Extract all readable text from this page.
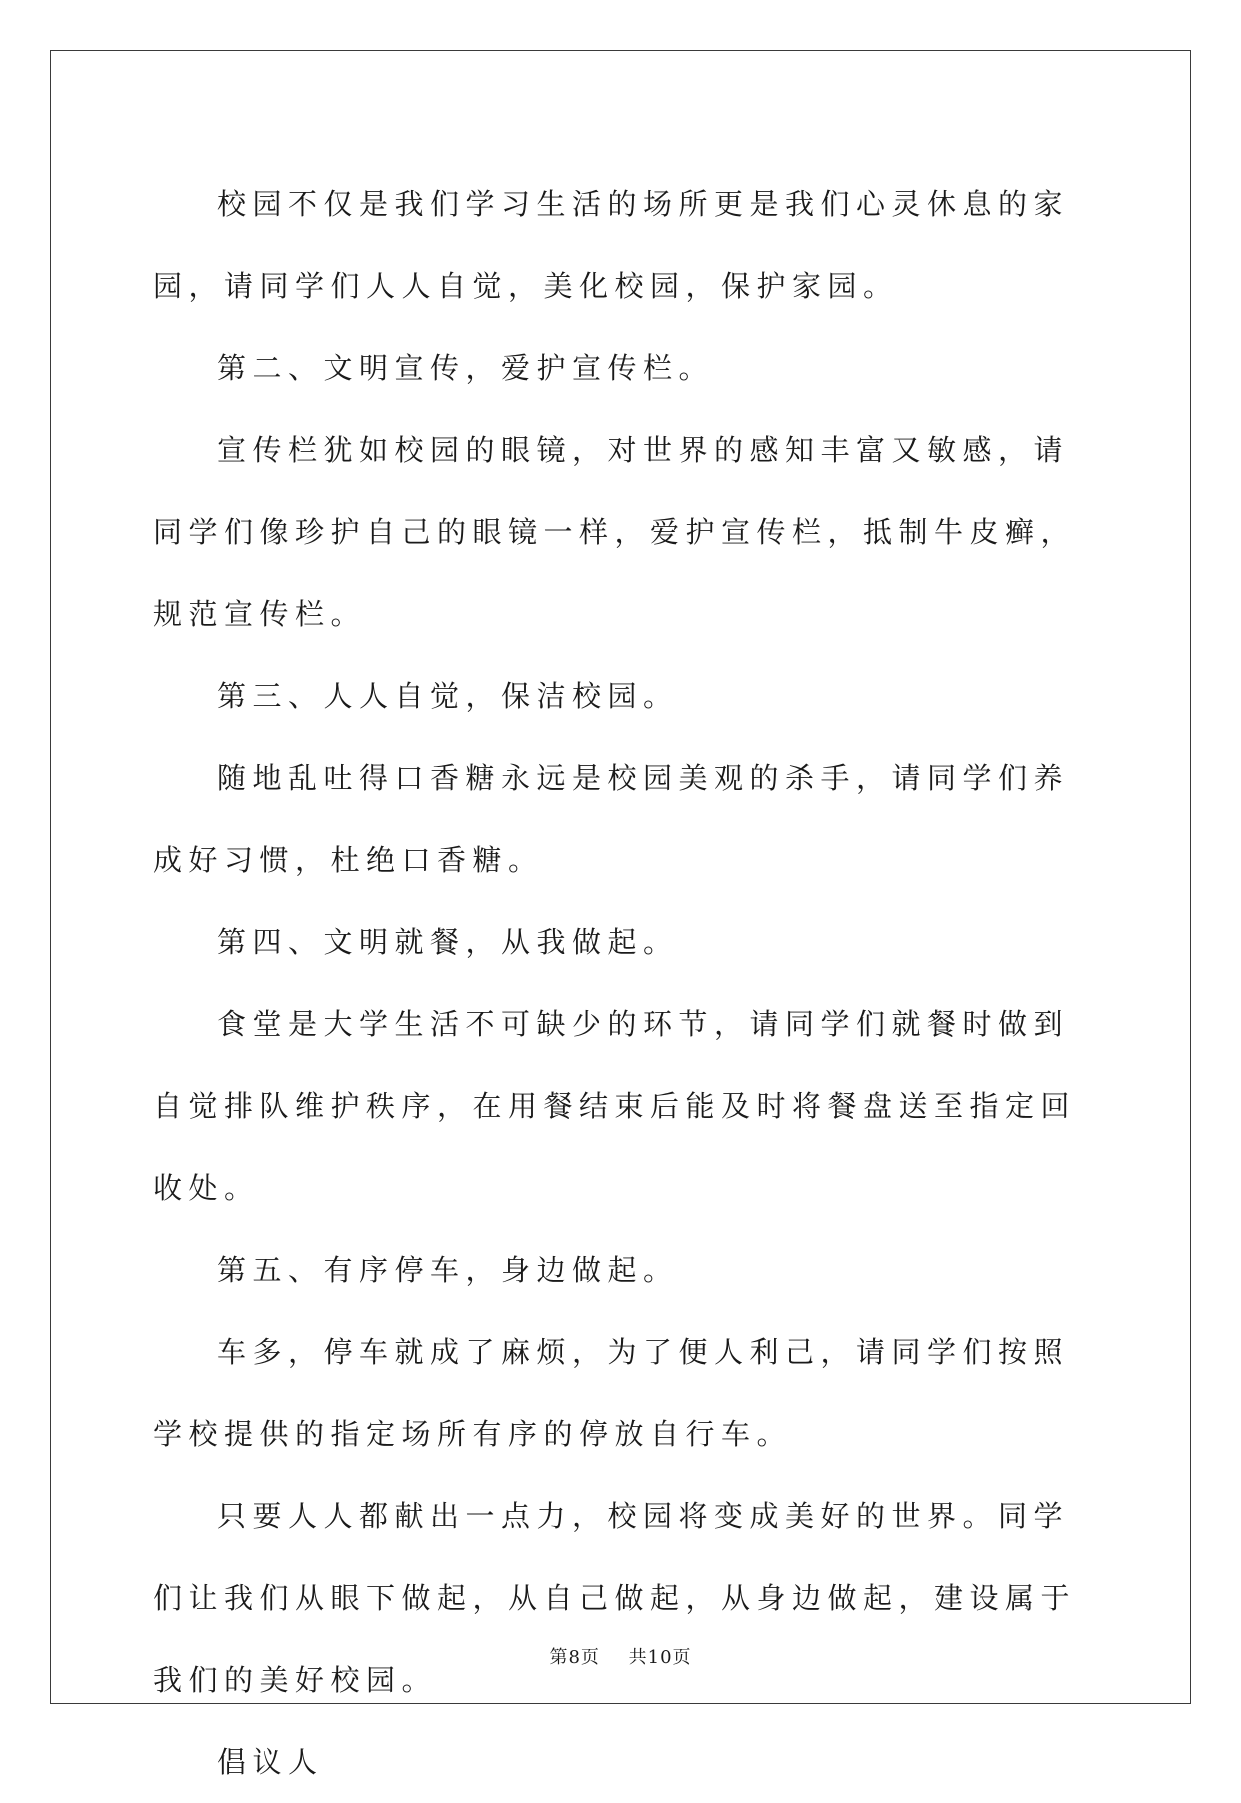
校园不仅是我们学习生活的场所更是我们心灵休息的家园，请同学们人人自觉，美化校园，保护家园。

第二、文明宣传，爱护宣传栏。

宣传栏犹如校园的眼镜，对世界的感知丰富又敏感，请同学们像珍护自己的眼镜一样，爱护宣传栏，抵制牛皮癣，规范宣传栏。

第三、人人自觉，保洁校园。

随地乱吐得口香糖永远是校园美观的杀手，请同学们养成好习惯，杜绝口香糖。

第四、文明就餐，从我做起。

食堂是大学生活不可缺少的环节，请同学们就餐时做到自觉排队维护秩序，在用餐结束后能及时将餐盘送至指定回收处。

第五、有序停车，身边做起。

车多，停车就成了麻烦，为了便人利己，请同学们按照学校提供的指定场所有序的停放自行车。

只要人人都献出一点力，校园将变成美好的世界。同学们让我们从眼下做起，从自己做起，从身边做起，建设属于我们的美好校园。

倡议人

第8页 共10页
